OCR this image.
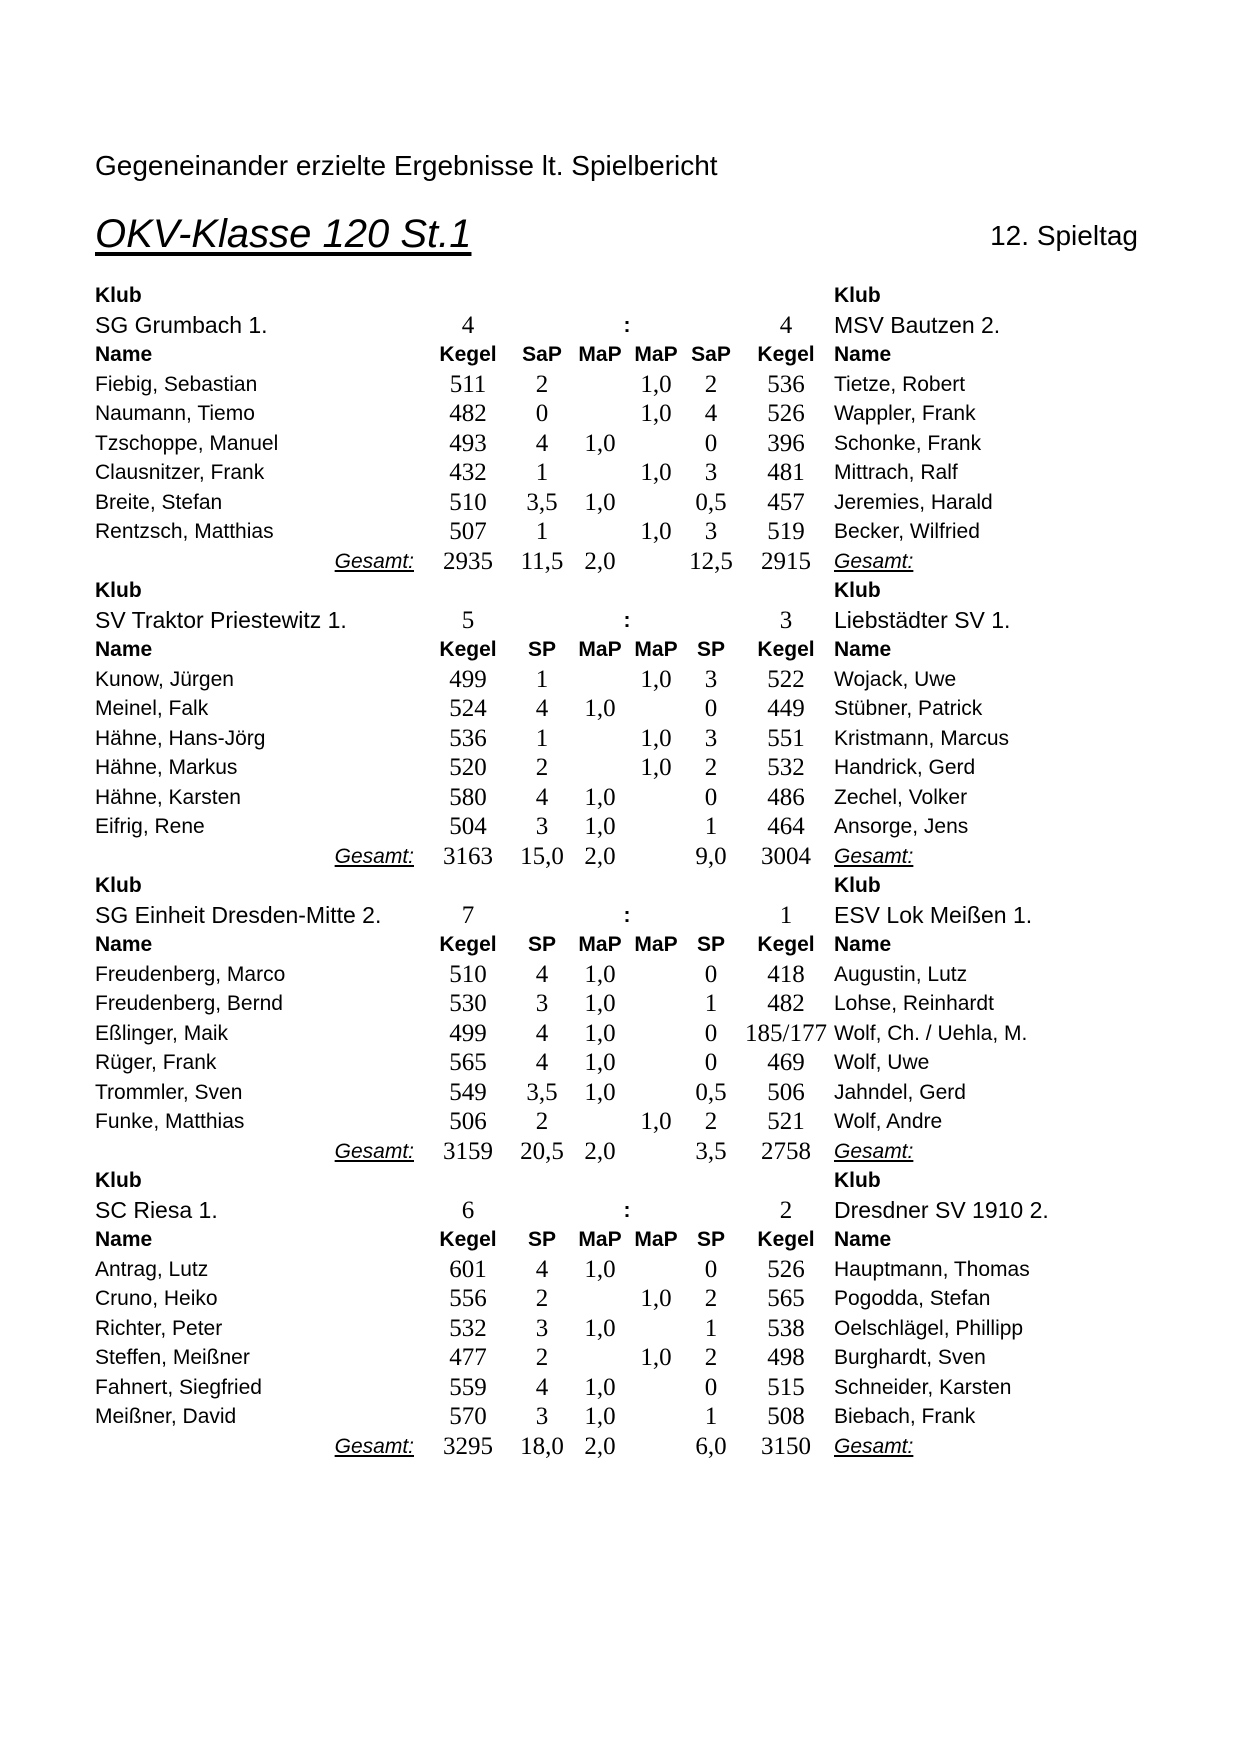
Gegeneinander erzielte Ergebnisse lt. Spielbericht
OKV-Klasse 120 St.1	12. Spieltag
Klub	Klub
SG Grumbach 1.	4	:	4 MSV Bautzen 2.
Name	Kegel SaP MaP MaP SaP Kegel Name
Fiebig, Sebastian	511 2	1,0 2 536 Tietze, Robert
Naumann, Tiemo	482 0	1,0 4 526 Wappler, Frank
Tzschoppe, Manuel	493 4 1,0	0 396 Schonke, Frank
Clausnitzer, Frank	432 1	1,0 3 481 Mittrach, Ralf
Breite, Stefan	510 3,5 1,0	0,5 457 Jeremies, Harald
Rentzsch, Matthias	507 1	1,0 3 519 Becker, Wilfried
Gesamt: 2935 11,5 2,0	12,5 2915 Gesamt:
Klub	Klub
SV Traktor Priestewitz 1.	5	:	3 Liebstädter SV 1.
Name	Kegel SP MaP MaP SP Kegel Name
Kunow, Jürgen	499 1	1,0 3 522 Wojack, Uwe
Meinel, Falk	524 4 1,0	0 449 Stübner, Patrick
Hähne, Hans-Jörg	536 1	1,0 3 551 Kristmann, Marcus
Hähne, Markus	520 2	1,0 2 532 Handrick, Gerd
Hähne, Karsten	580 4 1,0	0 486 Zechel, Volker
Eifrig, Rene	504 3 1,0	1 464 Ansorge, Jens
Gesamt: 3163 15,0 2,0	9,0 3004 Gesamt:
Klub	Klub
SG Einheit Dresden-Mitte 2.	7	:	1 ESV Lok Meißen 1.
Name	Kegel SP MaP MaP SP Kegel Name
Freudenberg, Marco	510 4 1,0	0 418 Augustin, Lutz
Freudenberg, Bernd	530 3 1,0	1 482 Lohse, Reinhardt
Eßlinger, Maik	499 4 1,0	0 185/177 Wolf, Ch. / Uehla, M.
Rüger, Frank	565 4 1,0	0 469 Wolf, Uwe
Trommler, Sven	549 3,5 1,0	0,5 506 Jahndel, Gerd
Funke, Matthias	506 2	1,0 2 521 Wolf, Andre
Gesamt: 3159 20,5 2,0	3,5 2758 Gesamt:
Klub	Klub
SC Riesa 1.	6	:	2 Dresdner SV 1910 2.
Name	Kegel SP MaP MaP SP Kegel Name
Antrag, Lutz	601 4 1,0	0 526 Hauptmann, Thomas
Cruno, Heiko	556 2	1,0 2 565 Pogodda, Stefan
Richter, Peter	532 3 1,0	1 538 Oelschlägel, Phillipp
Steffen, Meißner	477 2	1,0 2 498 Burghardt, Sven
Fahnert, Siegfried	559 4 1,0	0 515 Schneider, Karsten
Meißner, David	570 3 1,0	1 508 Biebach, Frank
Gesamt: 3295 18,0 2,0	6,0 3150 Gesamt:
